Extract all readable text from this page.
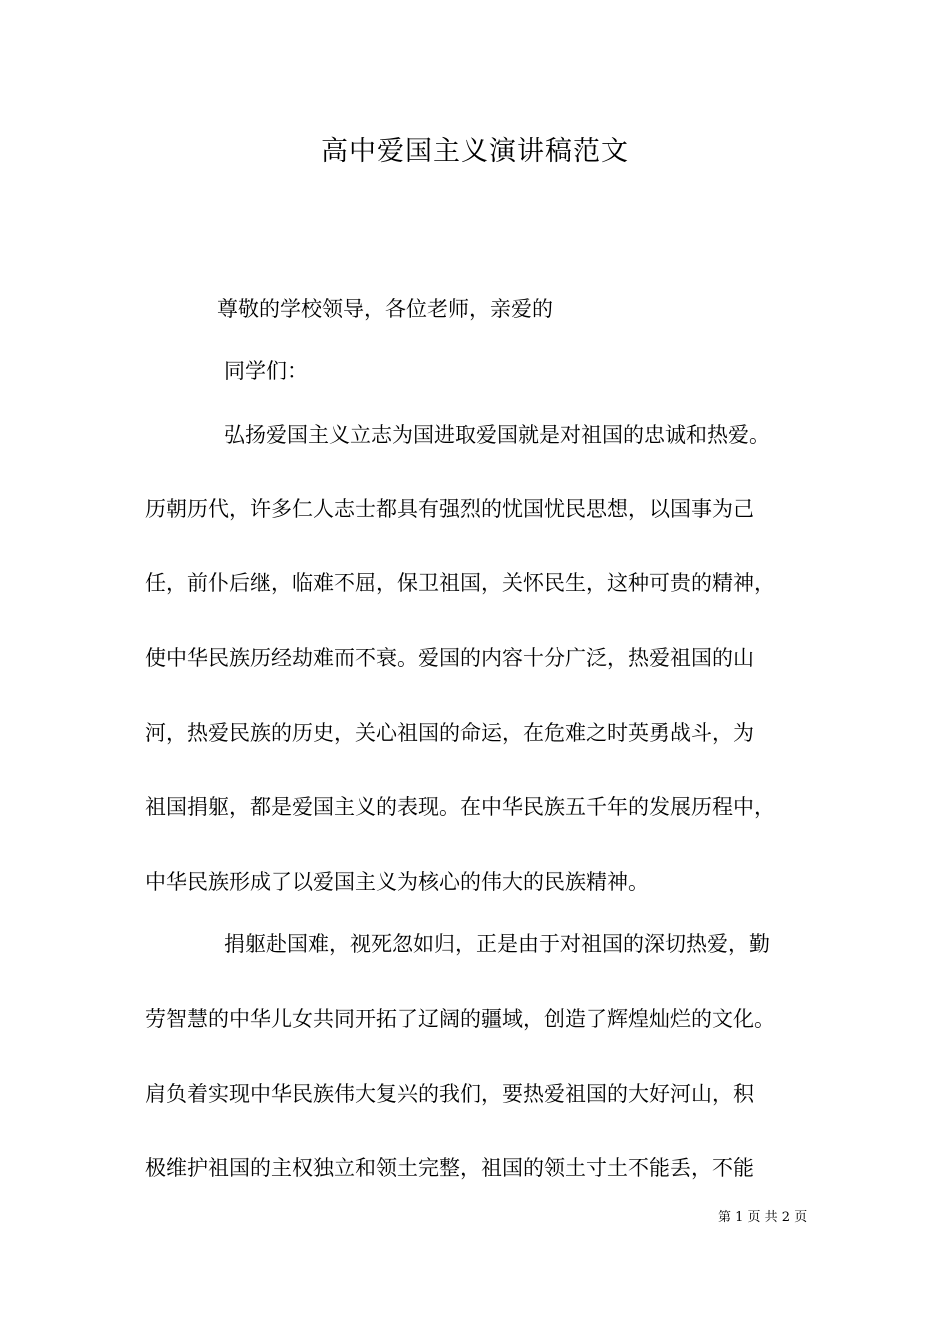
高中爱国主义演讲稿范文
尊敬的学校领导，各位老师，亲爱的
同学们：
弘扬爱国主义立志为国进取爱国就是对祖国的忠诚和热爱。
历朝历代，许多仁人志士都具有强烈的忧国忧民思想，以国事为己
任，前仆后继，临难不屈，保卫祖国，关怀民生，这种可贵的精神，
使中华民族历经劫难而不衰。爱国的内容十分广泛，热爱祖国的山
河，热爱民族的历史，关心祖国的命运，在危难之时英勇战斗，为
祖国捐躯，都是爱国主义的表现。在中华民族五千年的发展历程中，
中华民族形成了以爱国主义为核心的伟大的民族精神。
捐躯赴国难，视死忽如归，正是由于对祖国的深切热爱，勤
劳智慧的中华儿女共同开拓了辽阔的疆域，创造了辉煌灿烂的文化。
肩负着实现中华民族伟大复兴的我们，要热爱祖国的大好河山，积
极维护祖国的主权独立和领土完整，祖国的领土寸土不能丢，不能
第 1 页 共 2 页
